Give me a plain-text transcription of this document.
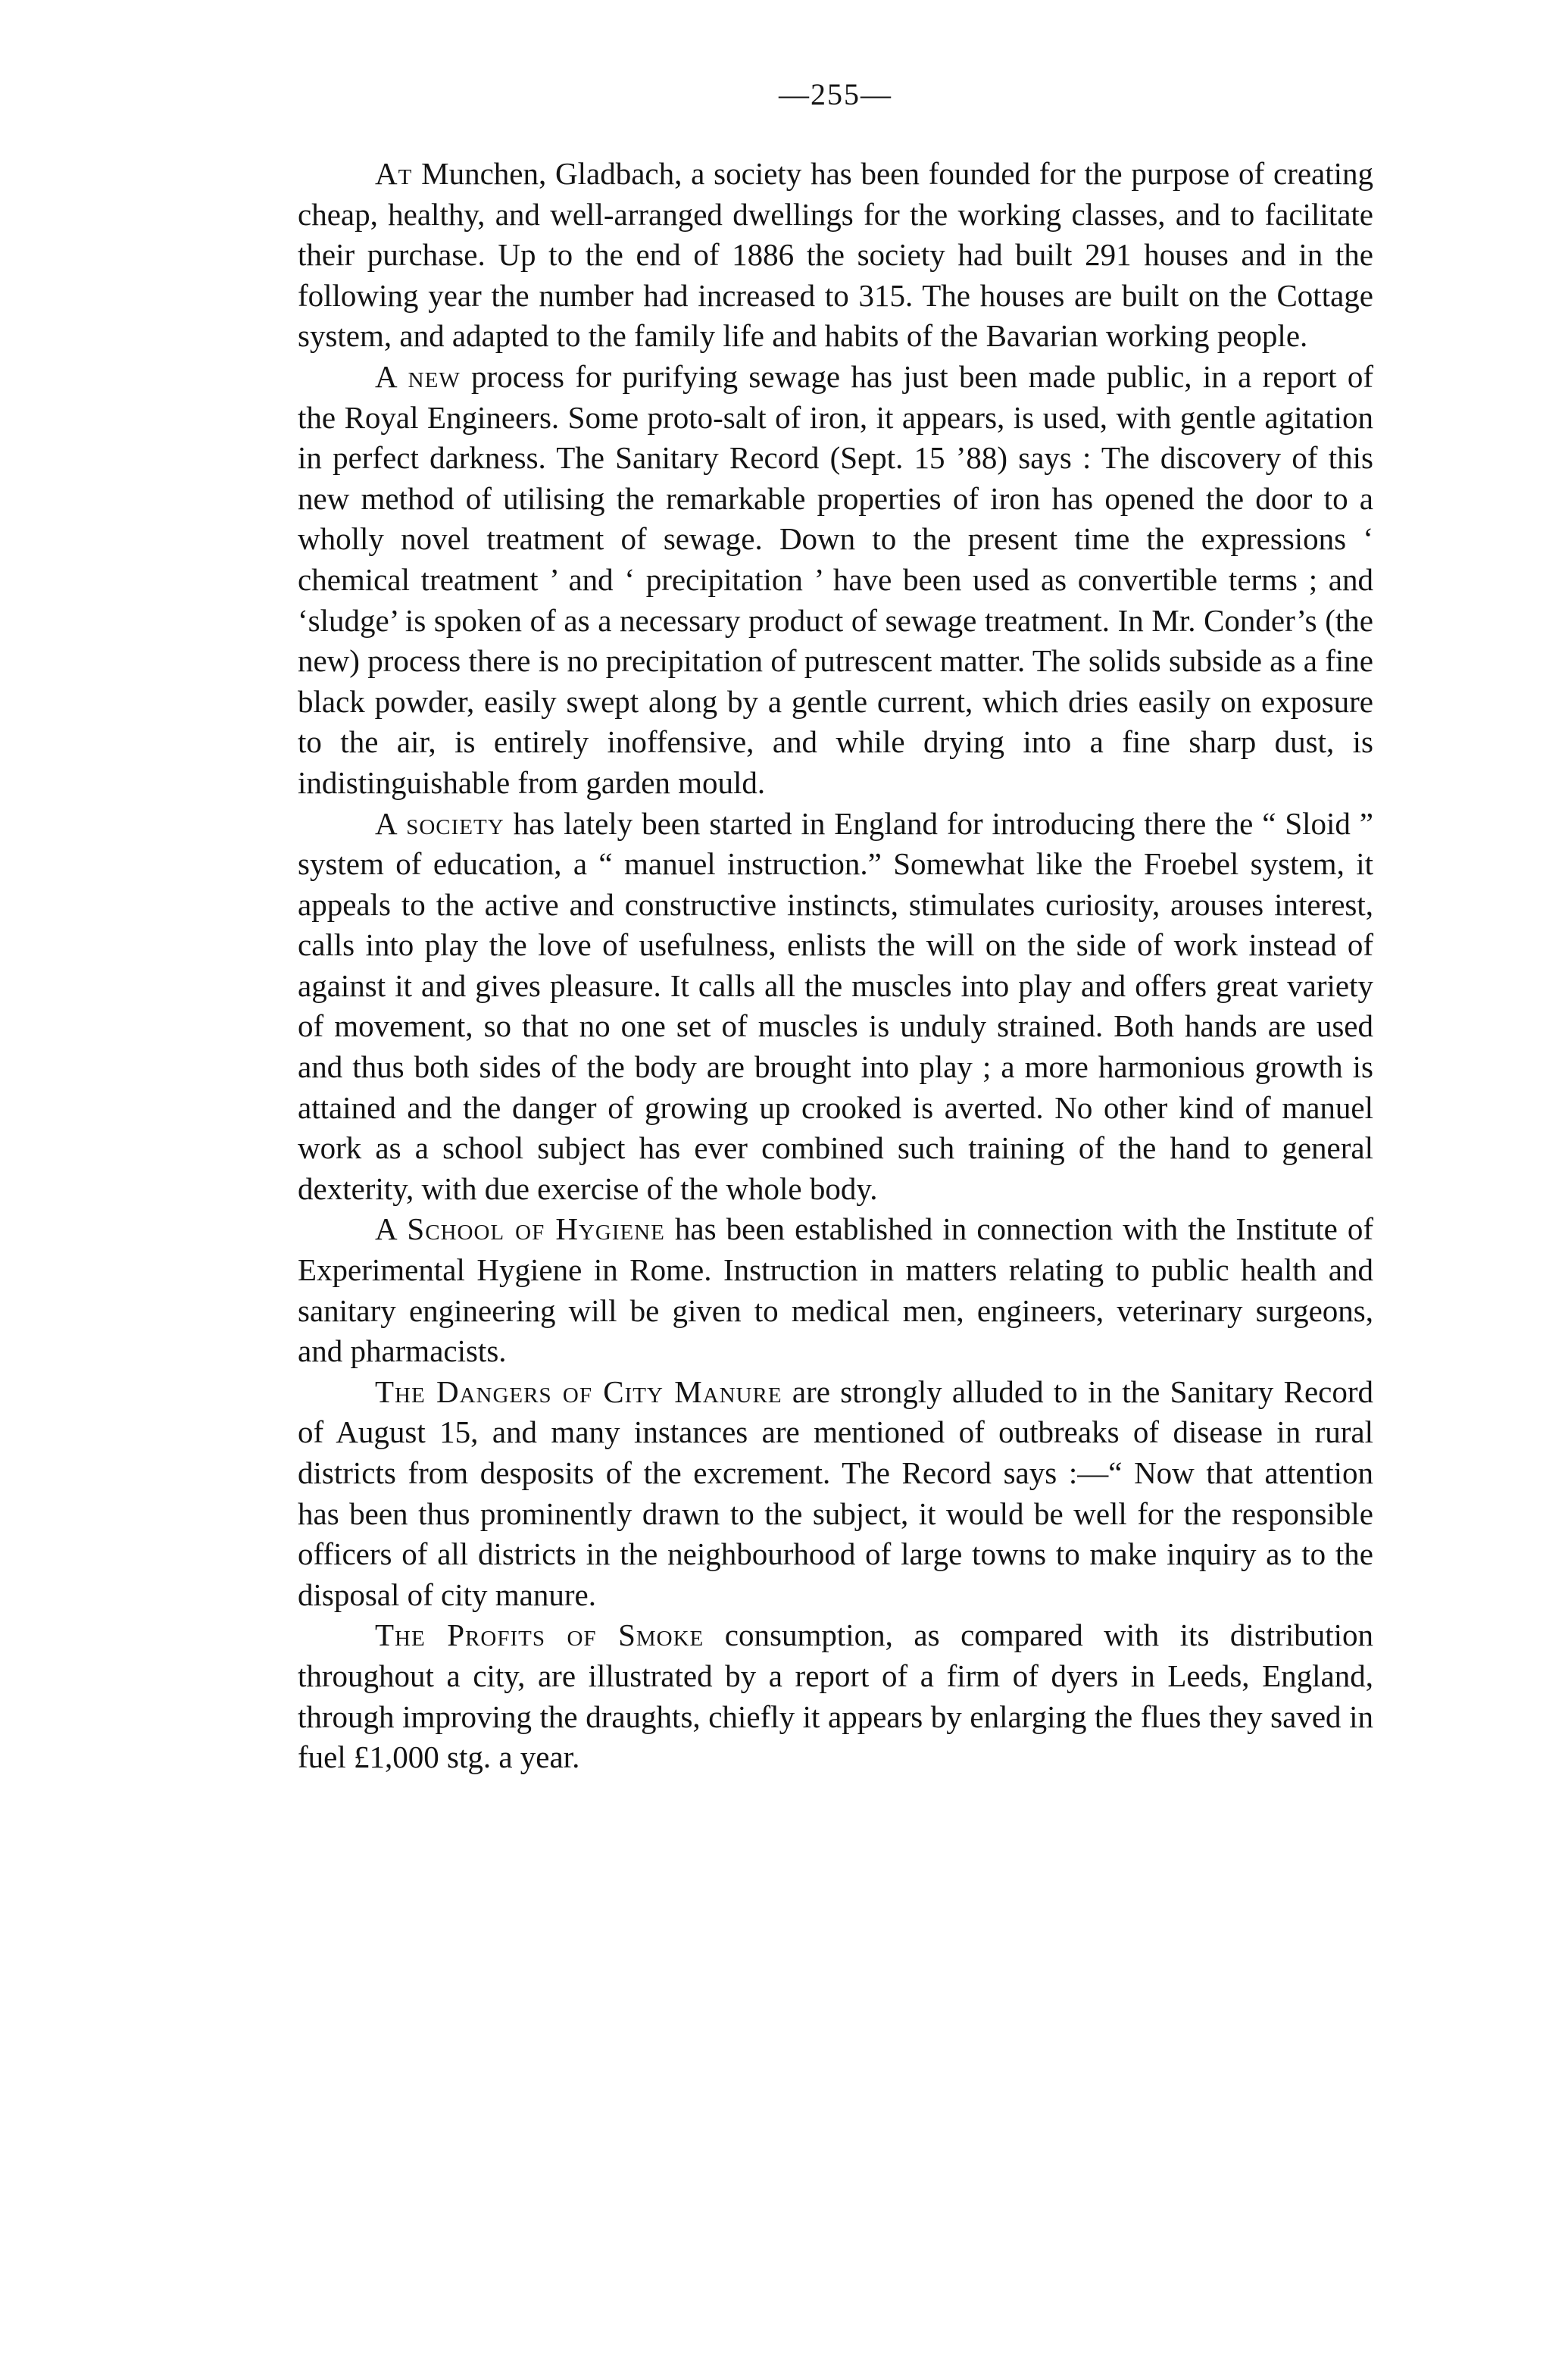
—255—

At Munchen, Gladbach, a society has been founded for the purpose of creating cheap, healthy, and well-arranged dwellings for the working classes, and to facilitate their purchase. Up to the end of 1886 the society had built 291 houses and in the following year the number had increased to 315. The houses are built on the Cottage system, and adapted to the family life and habits of the Bavarian working people.

A new process for purifying sewage has just been made public, in a report of the Royal Engineers. Some proto-salt of iron, it appears, is used, with gentle agitation in perfect darkness. The Sanitary Record (Sept. 15 ’88) says : The discovery of this new method of utilising the remarkable properties of iron has opened the door to a wholly novel treatment of sewage. Down to the present time the expressions ‘ chemical treatment ’ and ‘ precipitation ’ have been used as convertible terms ; and ‘sludge’ is spoken of as a necessary product of sewage treatment. In Mr. Conder’s (the new) process there is no precipitation of putrescent matter. The solids subside as a fine black powder, easily swept along by a gentle current, which dries easily on exposure to the air, is entirely inoffensive, and while drying into a fine sharp dust, is indistinguishable from garden mould.

A society has lately been started in England for introducing there the “ Sloid ” system of education, a “ manuel instruction.” Somewhat like the Froebel system, it appeals to the active and constructive instincts, stimulates curiosity, arouses interest, calls into play the love of usefulness, enlists the will on the side of work instead of against it and gives pleasure. It calls all the muscles into play and offers great variety of movement, so that no one set of muscles is unduly strained. Both hands are used and thus both sides of the body are brought into play ; a more harmonious growth is attained and the danger of growing up crooked is averted. No other kind of manuel work as a school subject has ever combined such training of the hand to general dexterity, with due exercise of the whole body.

A School of Hygiene has been established in connection with the Institute of Experimental Hygiene in Rome. Instruction in matters relating to public health and sanitary engineering will be given to medical men, engineers, veterinary surgeons, and pharmacists.

The Dangers of City Manure are strongly alluded to in the Sanitary Record of August 15, and many instances are mentioned of outbreaks of disease in rural districts from desposits of the excrement. The Record says :—“ Now that attention has been thus prominently drawn to the subject, it would be well for the responsible officers of all districts in the neighbourhood of large towns to make inquiry as to the disposal of city manure.

The Profits of Smoke consumption, as compared with its distribution throughout a city, are illustrated by a report of a firm of dyers in Leeds, England, through improving the draughts, chiefly it appears by enlarging the flues they saved in fuel £1,000 stg. a year.
